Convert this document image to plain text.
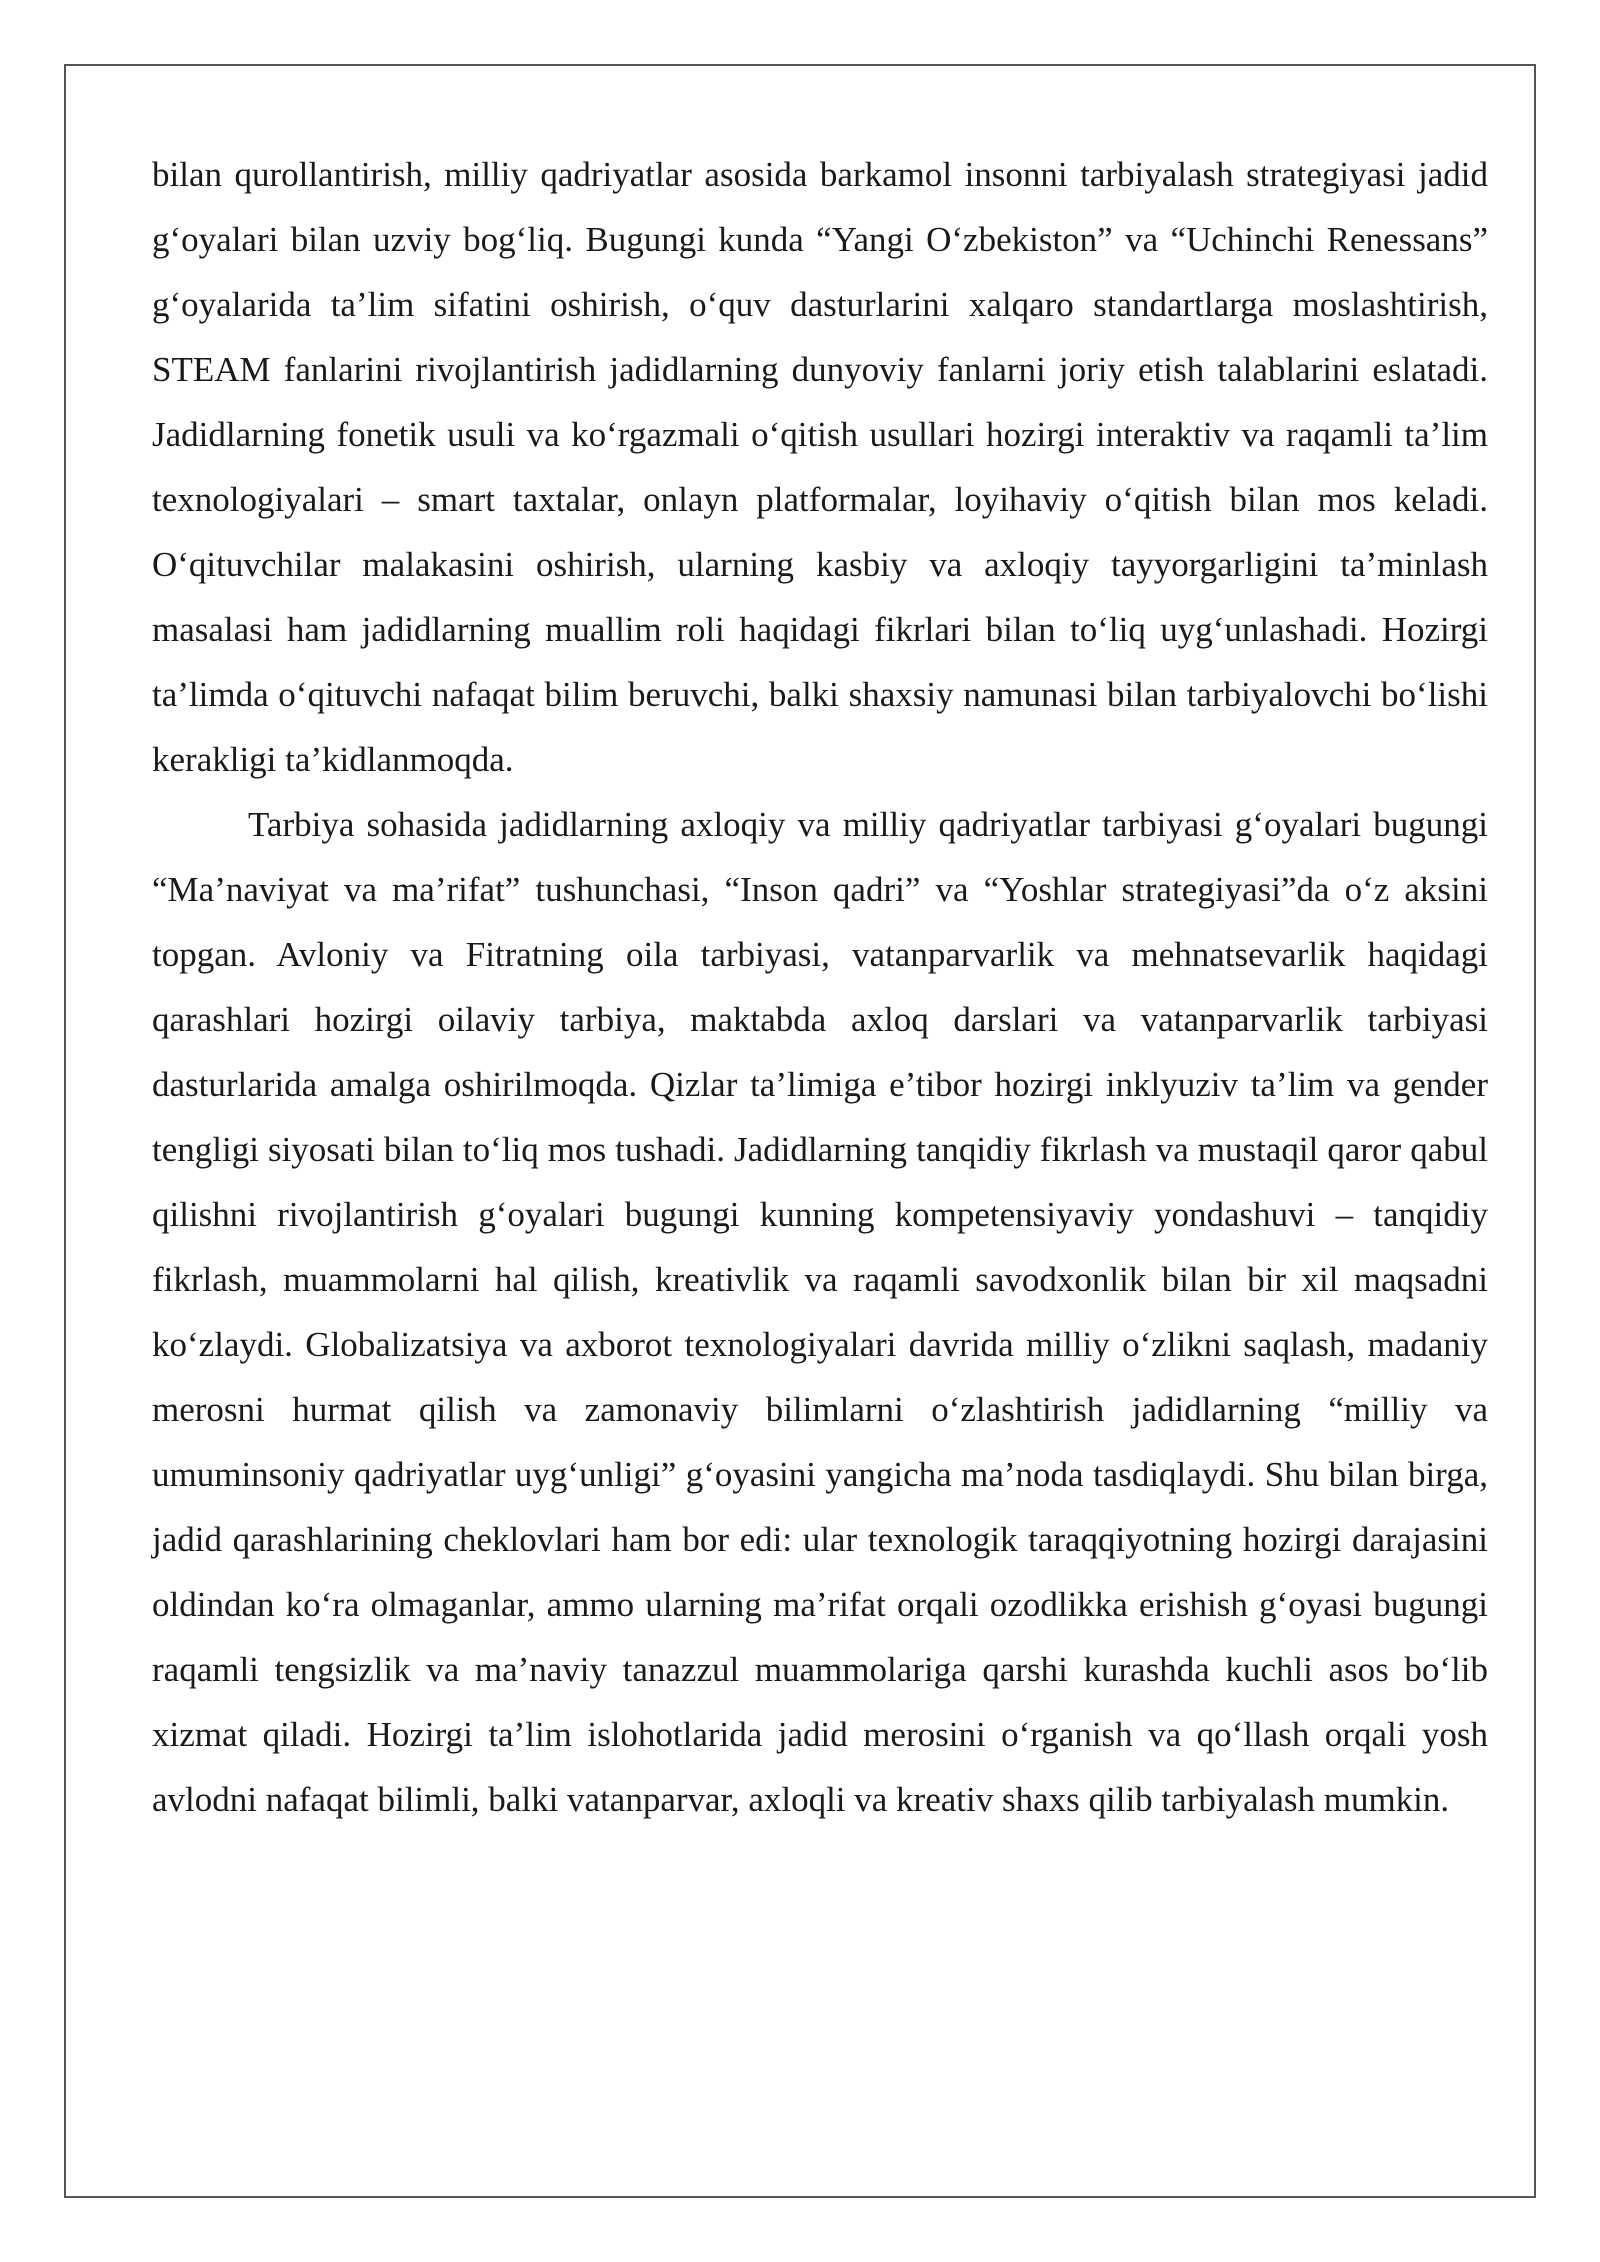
bilan qurollantirish, milliy qadriyatlar asosida barkamol insonni tarbiyalash strategiyasi jadid g‘oyalari bilan uzviy bog‘liq. Bugungi kunda “Yangi O‘zbekiston” va “Uchinchi Renessans” g‘oyalarida ta’lim sifatini oshirish, o‘quv dasturlarini xalqaro standartlarga moslashtirish, STEAM fanlarini rivojlantirish jadidlarning dunyoviy fanlarni joriy etish talablarini eslatadi. Jadidlarning fonetik usuli va ko‘rgazmali o‘qitish usullari hozirgi interaktiv va raqamli ta’lim texnologiyalari – smart taxtalar, onlayn platformalar, loyihaviy o‘qitish bilan mos keladi. O‘qituvchilar malakasini oshirish, ularning kasbiy va axloqiy tayyorgarligini ta’minlash masalasi ham jadidlarning muallim roli haqidagi fikrlari bilan to‘liq uyg‘unlashadi. Hozirgi ta’limda o‘qituvchi nafaqat bilim beruvchi, balki shaxsiy namunasi bilan tarbiyalovchi bo‘lishi kerakligi ta’kidlanmoqda.

Tarbiya sohasida jadidlarning axloqiy va milliy qadriyatlar tarbiyasi g‘oyalari bugungi “Ma’naviyat va ma’rifat” tushunchasi, “Inson qadri” va “Yoshlar strategiyasi”da o‘z aksini topgan. Avloniy va Fitratning oila tarbiyasi, vatanparvarlik va mehnatsevarlik haqidagi qarashlari hozirgi oilaviy tarbiya, maktabda axloq darslari va vatanparvarlik tarbiyasi dasturlarida amalga oshirilmoqda. Qizlar ta’limiga e’tibor hozirgi inklyuziv ta’lim va gender tengligi siyosati bilan to‘liq mos tushadi. Jadidlarning tanqidiy fikrlash va mustaqil qaror qabul qilishni rivojlantirish g‘oyalari bugungi kunning kompetensiyaviy yondashuvi – tanqidiy fikrlash, muammolarni hal qilish, kreativlik va raqamli savodxonlik bilan bir xil maqsadni ko‘zlaydi. Globalizatsiya va axborot texnologiyalari davrida milliy o‘zlikni saqlash, madaniy merosni hurmat qilish va zamonaviy bilimlarni o‘zlashtirish jadidlarning “milliy va umuminsoniy qadriyatlar uyg‘unligi” g‘oyasini yangicha ma’noda tasdiqlaydi. Shu bilan birga, jadid qarashlarining cheklovlari ham bor edi: ular texnologik taraqqiyotning hozirgi darajasini oldindan ko‘ra olmaganlar, ammo ularning ma’rifat orqali ozodlikka erishish g‘oyasi bugungi raqamli tengsizlik va ma’naviy tanazzul muammolariga qarshi kurashda kuchli asos bo‘lib xizmat qiladi. Hozirgi ta’lim islohotlarida jadid merosini o‘rganish va qo‘llash orqali yosh avlodni nafaqat bilimli, balki vatanparvar, axloqli va kreativ shaxs qilib tarbiyalash mumkin.
